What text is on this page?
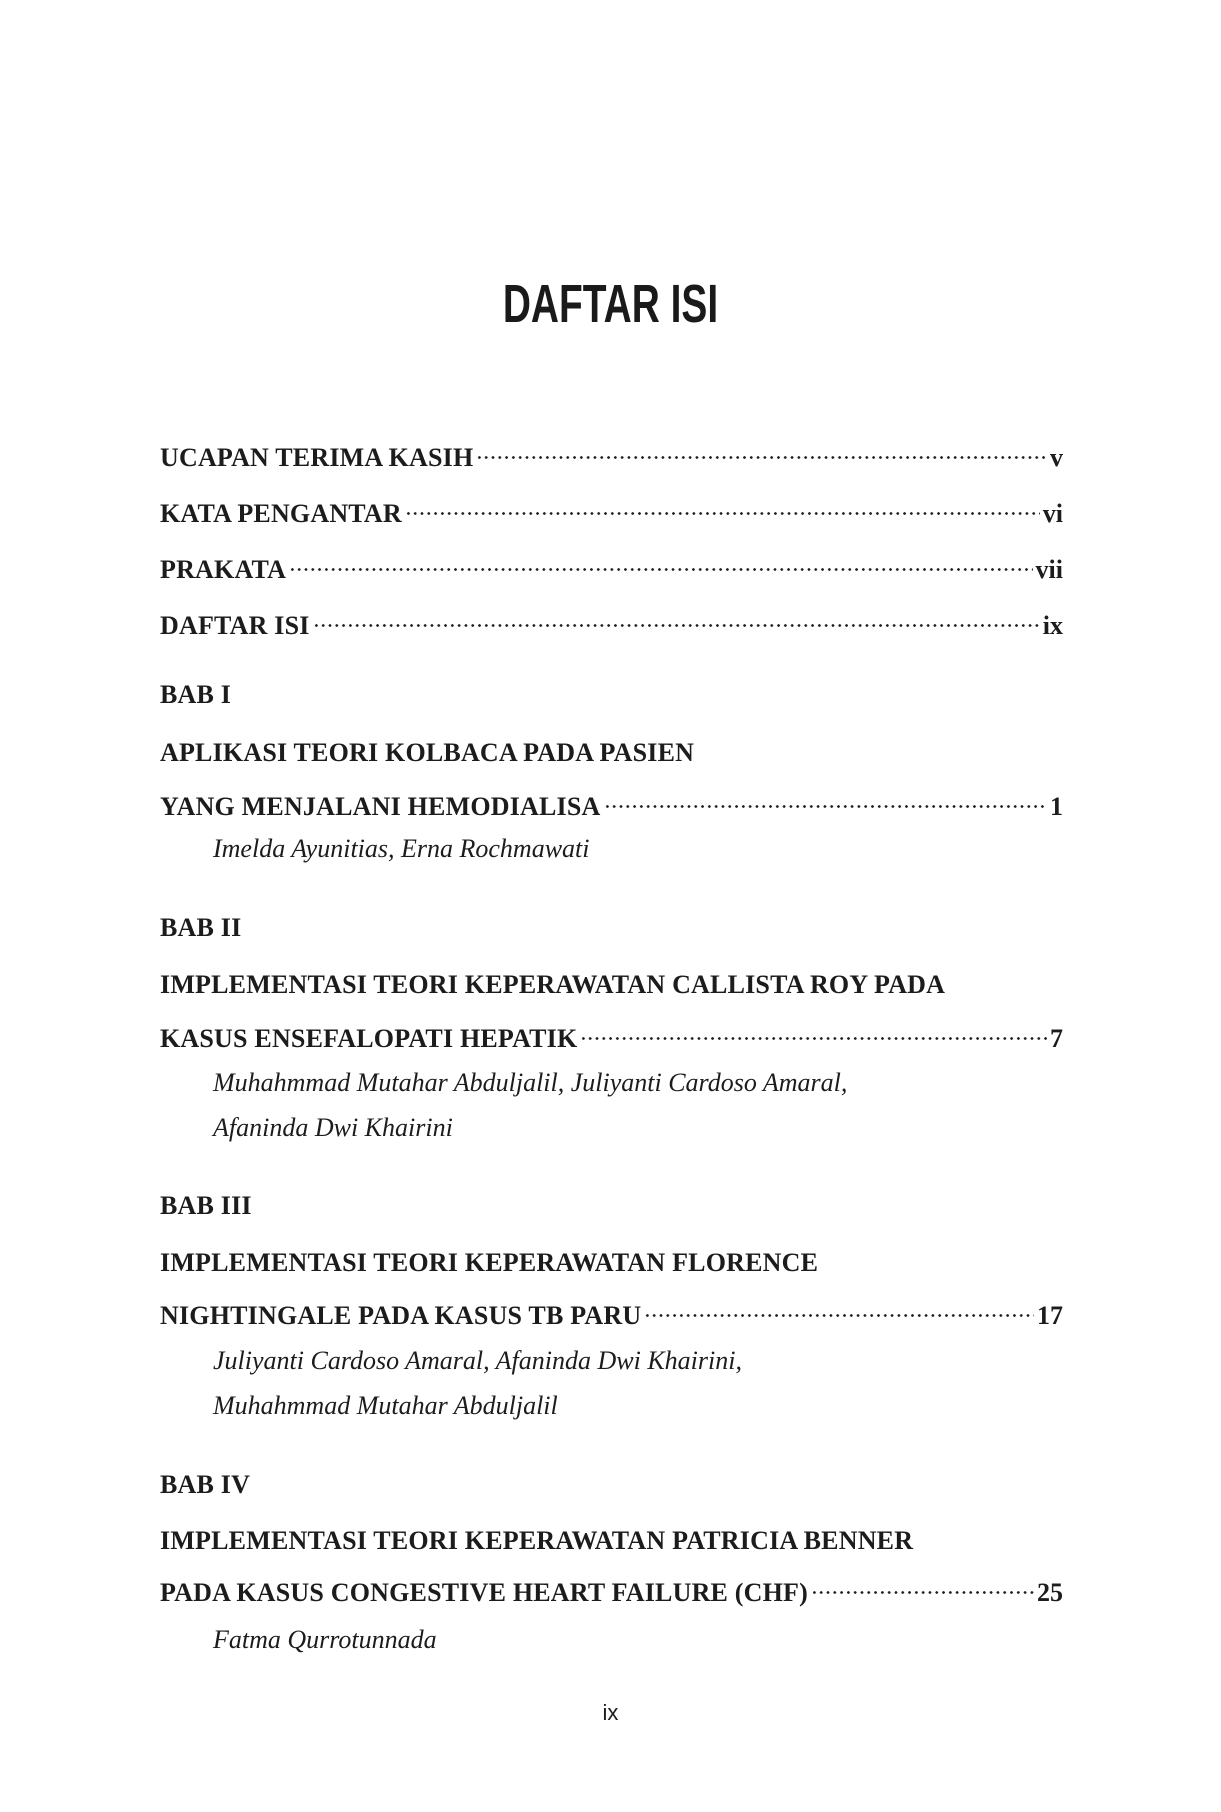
DAFTAR ISI
UCAPAN TERIMA KASIH	v
KATA PENGANTAR	vi
PRAKATA	vii
DAFTAR ISI	ix
BAB I
APLIKASI TEORI KOLBACA PADA PASIEN
YANG MENJALANI HEMODIALISA	1
Imelda Ayunitias, Erna Rochmawati
BAB II
IMPLEMENTASI TEORI KEPERAWATAN CALLISTA ROY PADA
KASUS ENSEFALOPATI HEPATIK	7
Muhahmmad Mutahar Abduljalil, Juliyanti Cardoso Amaral,
Afaninda Dwi Khairini
BAB III
IMPLEMENTASI TEORI KEPERAWATAN FLORENCE
NIGHTINGALE PADA KASUS TB PARU	17
Juliyanti Cardoso Amaral, Afaninda Dwi Khairini,
Muhahmmad Mutahar Abduljalil
BAB IV
IMPLEMENTASI TEORI KEPERAWATAN PATRICIA BENNER
PADA KASUS CONGESTIVE HEART FAILURE (CHF)	25
Fatma Qurrotunnada
ix
